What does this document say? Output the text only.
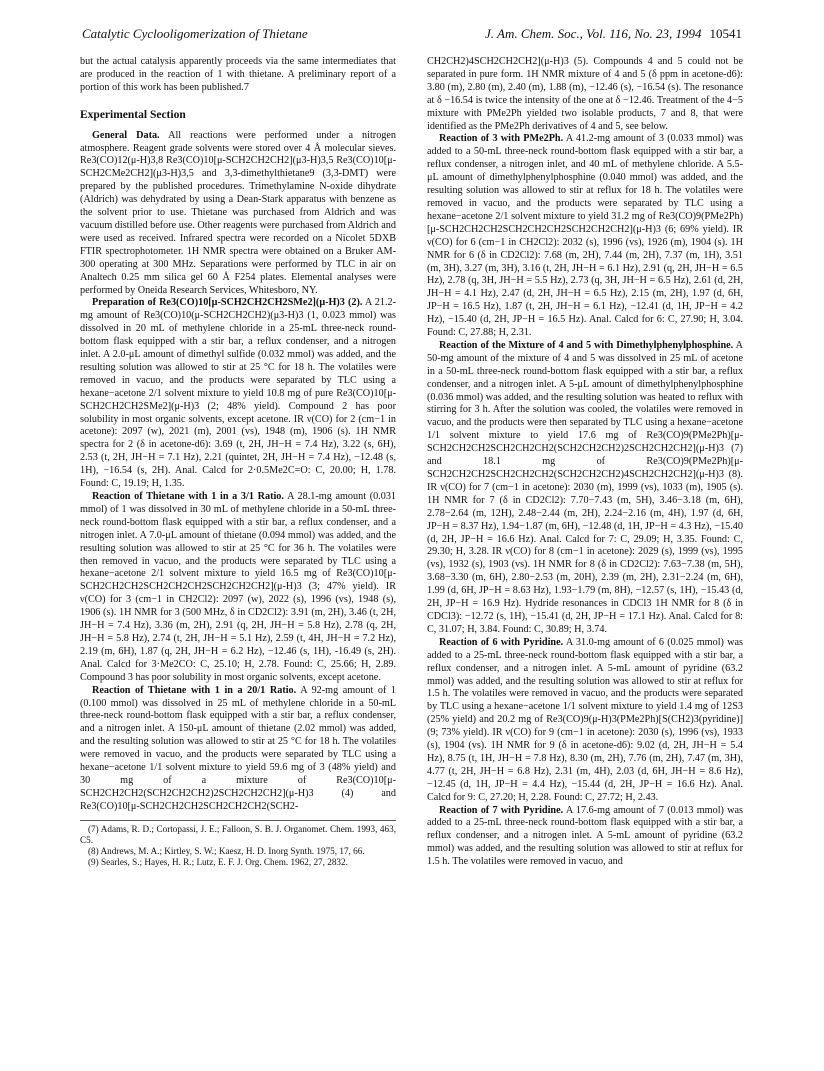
Catalytic Cyclooligomerization of Thietane	J. Am. Chem. Soc., Vol. 116, No. 23, 1994 10541

but the actual catalysis apparently proceeds via the same intermediates that are produced in the reaction of 1 with thietane. A preliminary report of a portion of this work has been published.7

Experimental Section

General Data. All reactions were performed under a nitrogen atmosphere. Reagent grade solvents were stored over 4 Å molecular sieves. Re3(CO)12(μ-H)3,8 Re3(CO)10[μ-SCH2CH2CH2](μ3-H)3,5 Re3(CO)10[μ-SCH2CMe2CH2](μ3-H)3,5 and 3,3-dimethylthietane9 (3,3-DMT) were prepared by the published procedures. Trimethylamine N-oxide dihydrate (Aldrich) was dehydrated by using a Dean-Stark apparatus with benzene as the solvent prior to use. Thietane was purchased from Aldrich and was vacuum distilled before use. Other reagents were purchased from Aldrich and were used as received. Infrared spectra were recorded on a Nicolet 5DXB FTIR spectrophotometer. 1H NMR spectra were obtained on a Bruker AM-300 operating at 300 MHz. Separations were performed by TLC in air on Analtech 0.25 mm silica gel 60 Å F254 plates. Elemental analyses were performed by Oneida Research Services, Whitesboro, NY.

Preparation of Re3(CO)10[μ-SCH2CH2CH2SMe2](μ-H)3 (2). A 21.2-mg amount of Re3(CO)10(μ-SCH2CH2CH2)(μ3-H)3 (1, 0.023 mmol) was dissolved in 20 mL of methylene chloride in a 25-mL three-neck round-bottom flask equipped with a stir bar, a reflux condenser, and a nitrogen inlet. A 2.0-μL amount of dimethyl sulfide (0.032 mmol) was added, and the resulting solution was allowed to stir at 25 °C for 18 h. The volatiles were removed in vacuo, and the products were separated by TLC using a hexane−acetone 2/1 solvent mixture to yield 10.8 mg of pure Re3(CO)10[μ-SCH2CH2CH2SMe2](μ-H)3 (2; 48% yield). Compound 2 has poor solubility in most organic solvents, except acetone. IR ν(CO) for 2 (cm−1 in acetone): 2097 (w), 2021 (m), 2001 (vs), 1948 (m), 1906 (s). 1H NMR spectra for 2 (δ in acetone-d6): 3.69 (t, 2H, JH−H = 7.4 Hz), 3.22 (s, 6H), 2.53 (t, 2H, JH−H = 7.1 Hz), 2.21 (quintet, 2H, JH−H = 7.4 Hz), −12.48 (s, 1H), −16.54 (s, 2H). Anal. Calcd for 2·0.5Me2C=O: C, 20.00; H, 1.78. Found: C, 19.19; H, 1.35.

Reaction of Thietane with 1 in a 3/1 Ratio. A 28.1-mg amount (0.031 mmol) of 1 was dissolved in 30 mL of methylene chloride in a 50-mL three-neck round-bottom flask equipped with a stir bar, a reflux condenser, and a nitrogen inlet. A 7.0-μL amount of thietane (0.094 mmol) was added, and the resulting solution was allowed to stir at 25 °C for 36 h. The volatiles were then removed in vacuo, and the products were separated by TLC using a hexane−acetone 2/1 solvent mixture to yield 16.5 mg of Re3(CO)10[μ-SCH2CH2CH2SCH2CH2CH2SCH2CH2CH2](μ-H)3 (3; 47% yield). IR ν(CO) for 3 (cm−1 in CH2Cl2): 2097 (w), 2022 (s), 1996 (vs), 1948 (s), 1906 (s). 1H NMR for 3 (500 MHz, δ in CD2Cl2): 3.91 (m, 2H), 3.46 (t, 2H, JH−H = 7.4 Hz), 3.36 (m, 2H), 2.91 (q, 2H, JH−H = 5.8 Hz), 2.78 (q, 2H, JH−H = 5.8 Hz), 2.74 (t, 2H, JH−H = 5.1 Hz), 2.59 (t, 4H, JH−H = 7.2 Hz), 2.19 (m, 6H), 1.87 (q, 2H, JH−H = 6.2 Hz), −12.46 (s, 1H), -16.49 (s, 2H). Anal. Calcd for 3·Me2CO: C, 25.10; H, 2.78. Found: C, 25.66; H, 2.89. Compound 3 has poor solubility in most organic solvents, except acetone.

Reaction of Thietane with 1 in a 20/1 Ratio. A 92-mg amount of 1 (0.100 mmol) was dissolved in 25 mL of methylene chloride in a 50-mL three-neck round-bottom flask equipped with a stir bar, a reflux condenser, and a nitrogen inlet. A 150-μL amount of thietane (2.02 mmol) was added, and the resulting solution was allowed to stir at 25 °C for 18 h. The volatiles were removed in vacuo, and the products were separated by TLC using a hexane−acetone 1/1 solvent mixture to yield 59.6 mg of 3 (48% yield) and 30 mg of a mixture of Re3(CO)10[μ-SCH2CH2CH2(SCH2CH2CH2)2SCH2CH2CH2](μ-H)3 (4) and Re3(CO)10[μ-SCH2CH2CH2SCH2CH2CH2(SCH2-

(7) Adams, R. D.; Cortopassi, J. E.; Falloon, S. B. J. Organomet. Chem. 1993, 463, C5.

(8) Andrews, M. A.; Kirtley, S. W.; Kaesz, H. D. Inorg Synth. 1975, 17, 66.

(9) Searles, S.; Hayes, H. R.; Lutz, E. F. J. Org. Chem. 1962, 27, 2832.

CH2CH2)4SCH2CH2CH2](μ-H)3 (5). Compounds 4 and 5 could not be separated in pure form. 1H NMR mixture of 4 and 5 (δ ppm in acetone-d6): 3.80 (m), 2.80 (m), 2.40 (m), 1.88 (m), −12.46 (s), −16.54 (s). The resonance at δ −16.54 is twice the intensity of the one at δ −12.46. Treatment of the 4−5 mixture with PMe2Ph yielded two isolable products, 7 and 8, that were identified as the PMe2Ph derivatives of 4 and 5, see below.

Reaction of 3 with PMe2Ph. A 41.2-mg amount of 3 (0.033 mmol) was added to a 50-mL three-neck round-bottom flask equipped with a stir bar, a reflux condenser, a nitrogen inlet, and 40 mL of methylene chloride. A 5.5-μL amount of dimethylphenylphosphine (0.040 mmol) was added, and the resulting solution was allowed to stir at reflux for 18 h. The volatiles were removed in vacuo, and the products were separated by TLC using a hexane−acetone 2/1 solvent mixture to yield 31.2 mg of Re3(CO)9(PMe2Ph)[μ-SCH2CH2CH2SCH2CH2CH2SCH2CH2CH2](μ-H)3 (6; 69% yield). IR ν(CO) for 6 (cm−1 in CH2Cl2): 2032 (s), 1996 (vs), 1926 (m), 1904 (s). 1H NMR for 6 (δ in CD2Cl2): 7.68 (m, 2H), 7.44 (m, 2H), 7.37 (m, 1H), 3.51 (m, 3H), 3.27 (m, 3H), 3.16 (t, 2H, JH−H = 6.1 Hz), 2.91 (q, 2H, JH−H = 6.5 Hz), 2.78 (q, 3H, JH−H = 5.5 Hz), 2.73 (q, 3H, JH−H = 6.5 Hz), 2.61 (d, 2H, JH−H = 4.1 Hz), 2.47 (d, 2H, JH−H = 6.5 Hz), 2.15 (m, 2H), 1.97 (d, 6H, JP−H = 16.5 Hz), 1.87 (t, 2H, JH−H = 6.1 Hz), −12.41 (d, 1H, JP−H = 4.2 Hz), −15.40 (d, 2H, JP−H = 16.5 Hz). Anal. Calcd for 6: C, 27.90; H, 3.04. Found: C, 27.88; H, 2.31.

Reaction of the Mixture of 4 and 5 with Dimethylphenylphosphine. A 50-mg amount of the mixture of 4 and 5 was dissolved in 25 mL of acetone in a 50-mL three-neck round-bottom flask equipped with a stir bar, a reflux condenser, and a nitrogen inlet. A 5-μL amount of dimethylphenylphosphine (0.036 mmol) was added, and the resulting solution was heated to reflux with stirring for 3 h. After the solution was cooled, the volatiles were removed in vacuo, and the products were then separated by TLC using a hexane−acetone 1/1 solvent mixture to yield 17.6 mg of Re3(CO)9(PMe2Ph)[μ-SCH2CH2CH2SCH2CH2CH2(SCH2CH2CH2)2SCH2CH2CH2](μ-H)3 (7) and 18.1 mg of Re3(CO)9(PMe2Ph)[μ-SCH2CH2CH2SCH2CH2CH2(SCH2CH2CH2)4SCH2CH2CH2](μ-H)3 (8). IR ν(CO) for 7 (cm−1 in acetone): 2030 (m), 1999 (vs), 1033 (m), 1905 (s). 1H NMR for 7 (δ in CD2Cl2): 7.70−7.43 (m, 5H), 3.46−3.18 (m, 6H), 2.78−2.64 (m, 12H), 2.48−2.44 (m, 2H), 2.24−2.16 (m, 4H), 1.97 (d, 6H, JP−H = 8.37 Hz), 1.94−1.87 (m, 6H), −12.48 (d, 1H, JP−H = 4.3 Hz), −15.40 (d, 2H, JP−H = 16.6 Hz). Anal. Calcd for 7: C, 29.09; H, 3.35. Found: C, 29.30; H, 3.28. IR ν(CO) for 8 (cm−1 in acetone): 2029 (s), 1999 (vs), 1995 (vs), 1932 (s), 1903 (vs). 1H NMR for 8 (δ in CD2Cl2): 7.63−7.38 (m, 5H), 3.68−3.30 (m, 6H), 2.80−2.53 (m, 20H), 2.39 (m, 2H), 2.31−2.24 (m, 6H), 1.99 (d, 6H, JP−H = 8.63 Hz), 1.93−1.79 (m, 8H), −12.57 (s, 1H), −15.43 (d, 2H, JP−H = 16.9 Hz). Hydride resonances in CDCl3 1H NMR for 8 (δ in CDCl3): −12.72 (s, 1H), −15.41 (d, 2H, JP−H = 17.1 Hz). Anal. Calcd for 8: C, 31.07; H, 3.84. Found: C, 30.89; H, 3.74.

Reaction of 6 with Pyridine. A 31.0-mg amount of 6 (0.025 mmol) was added to a 25-mL three-neck round-bottom flask equipped with a stir bar, a reflux condenser, and a nitrogen inlet. A 5-mL amount of pyridine (63.2 mmol) was added, and the resulting solution was allowed to stir at reflux for 1.5 h. The volatiles were removed in vacuo, and the products were separated by TLC using a hexane−acetone 1/1 solvent mixture to yield 1.4 mg of 12S3 (25% yield) and 20.2 mg of Re3(CO)9(μ-H)3(PMe2Ph)[S(CH2)3(pyridine)] (9; 73% yield). IR ν(CO) for 9 (cm−1 in acetone): 2030 (s), 1996 (vs), 1933 (s), 1904 (vs). 1H NMR for 9 (δ in acetone-d6): 9.02 (d, 2H, JH−H = 5.4 Hz), 8.75 (t, 1H, JH−H = 7.8 Hz), 8.30 (m, 2H), 7.76 (m, 2H), 7.47 (m, 3H), 4.77 (t, 2H, JH−H = 6.8 Hz), 2.31 (m, 4H), 2.03 (d, 6H, JH−H = 8.6 Hz), −12.45 (d, 1H, JP−H = 4.4 Hz), −15.44 (d, 2H, JP−H = 16.6 Hz). Anal. Calcd for 9: C, 27.20; H, 2.28. Found: C, 27.72; H, 2.43.

Reaction of 7 with Pyridine. A 17.6-mg amount of 7 (0.013 mmol) was added to a 25-mL three-neck round-bottom flask equipped with a stir bar, a reflux condenser, and a nitrogen inlet. A 5-mL amount of pyridine (63.2 mmol) was added, and the resulting solution was allowed to stir at reflux for 1.5 h. The volatiles were removed in vacuo, and
